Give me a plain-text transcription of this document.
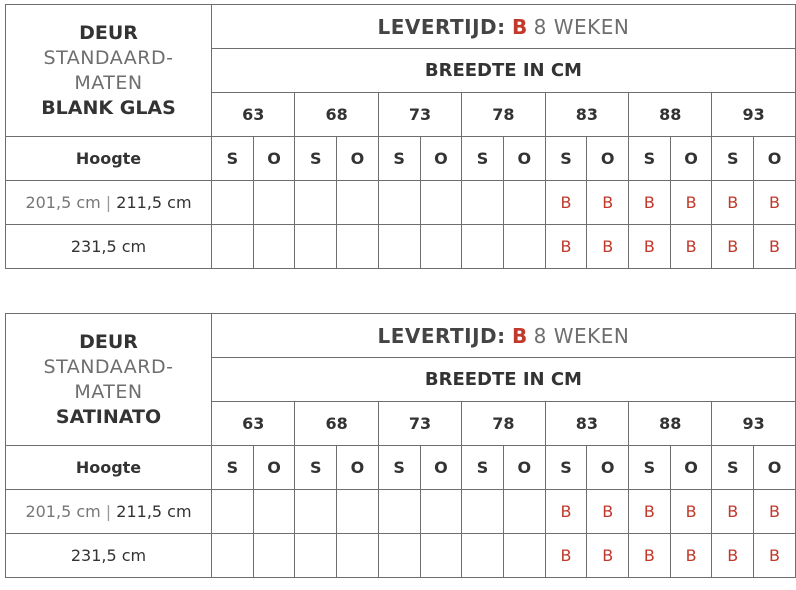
DEUR
STANDAARD-
MATEN
BLANK GLAS	LEVERTIJD: B 8 WEKEN													
	BREEDTE IN CM													
	63		68		73		78		83		88		93	
Hoogte	S	O	S	O	S	O	S	O	S	O	S	O	S	O
201,5 cm | 211,5 cm									B	B	B	B	B	B
231,5 cm									B	B	B	B	B	B
DEUR
STANDAARD-
MATEN
SATINATO	LEVERTIJD: B 8 WEKEN													
	BREEDTE IN CM													
	63		68		73		78		83		88		93	
Hoogte	S	O	S	O	S	O	S	O	S	O	S	O	S	O
201,5 cm | 211,5 cm									B	B	B	B	B	B
231,5 cm									B	B	B	B	B	B
